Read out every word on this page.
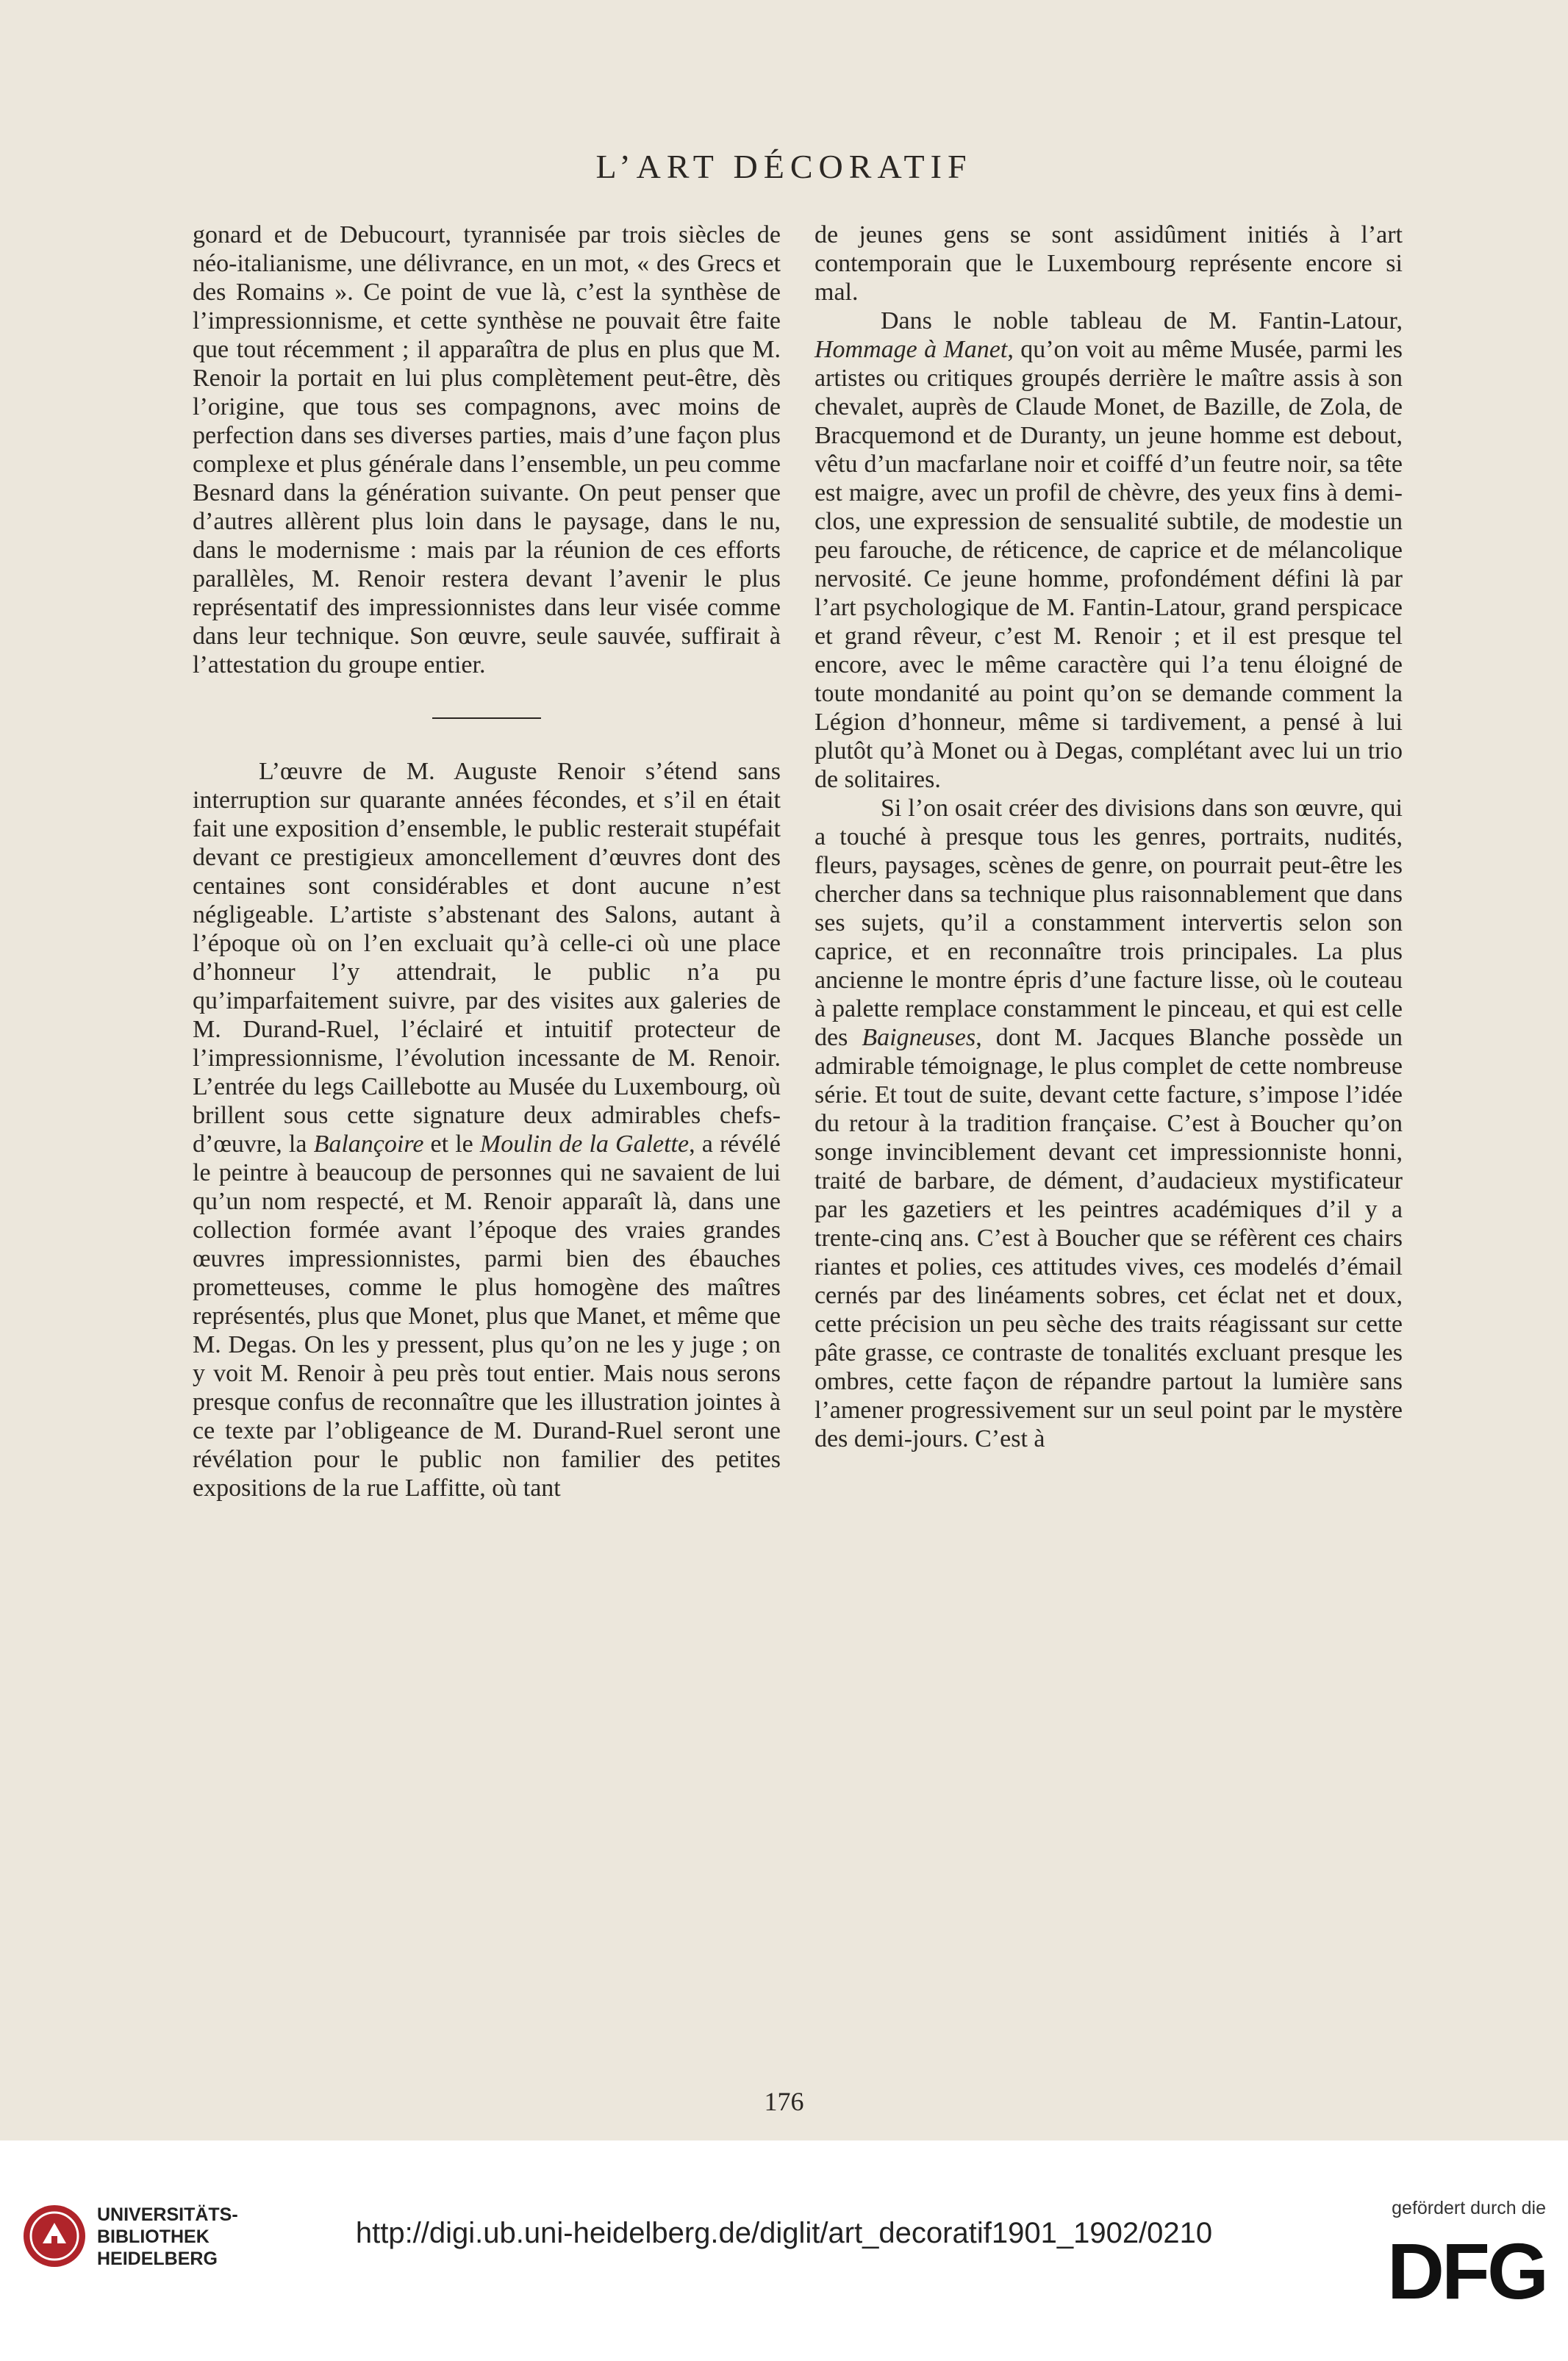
L’ART DÉCORATIF

gonard et de Debucourt, tyrannisée par trois siècles de néo-italianisme, une délivrance, en un mot, « des Grecs et des Romains ». Ce point de vue là, c’est la synthèse de l’impressionnisme, et cette synthèse ne pouvait être faite que tout récemment ; il apparaîtra de plus en plus que M. Renoir la portait en lui plus complètement peut-être, dès l’origine, que tous ses compagnons, avec moins de perfection dans ses diverses parties, mais d’une façon plus complexe et plus générale dans l’ensemble, un peu comme Besnard dans la génération suivante. On peut penser que d’autres allèrent plus loin dans le paysage, dans le nu, dans le modernisme : mais par la réunion de ces efforts parallèles, M. Renoir restera devant l’avenir le plus représentatif des impressionnistes dans leur visée comme dans leur technique. Son œuvre, seule sauvée, suffirait à l’attestation du groupe entier.

L’œuvre de M. Auguste Renoir s’étend sans interruption sur quarante années fécondes, et s’il en était fait une exposition d’ensemble, le public resterait stupéfait devant ce prestigieux amoncellement d’œuvres dont des centaines sont considérables et dont aucune n’est négligeable. L’artiste s’abstenant des Salons, autant à l’époque où on l’en excluait qu’à celle-ci où une place d’honneur l’y attendrait, le public n’a pu qu’imparfaitement suivre, par des visites aux galeries de M. Durand-Ruel, l’éclairé et intuitif protecteur de l’impressionnisme, l’évolution incessante de M. Renoir. L’entrée du legs Caillebotte au Musée du Luxembourg, où brillent sous cette signature deux admirables chefs-d’œuvre, la Balançoire et le Moulin de la Galette, a révélé le peintre à beaucoup de personnes qui ne savaient de lui qu’un nom respecté, et M. Renoir apparaît là, dans une collection formée avant l’époque des vraies grandes œuvres impressionnistes, parmi bien des ébauches prometteuses, comme le plus homogène des maîtres représentés, plus que Monet, plus que Manet, et même que M. Degas. On les y pressent, plus qu’on ne les y juge ; on y voit M. Renoir à peu près tout entier. Mais nous serons presque confus de reconnaître que les illustration jointes à ce texte par l’obligeance de M. Durand-Ruel seront une révélation pour le public non familier des petites expositions de la rue Laffitte, où tant

de jeunes gens se sont assidûment initiés à l’art contemporain que le Luxembourg représente encore si mal.

Dans le noble tableau de M. Fantin-Latour, Hommage à Manet, qu’on voit au même Musée, parmi les artistes ou critiques groupés derrière le maître assis à son chevalet, auprès de Claude Monet, de Bazille, de Zola, de Bracquemond et de Duranty, un jeune homme est debout, vêtu d’un macfarlane noir et coiffé d’un feutre noir, sa tête est maigre, avec un profil de chèvre, des yeux fins à demi-clos, une expression de sensualité subtile, de modestie un peu farouche, de réticence, de caprice et de mélancolique nervosité. Ce jeune homme, profondément défini là par l’art psychologique de M. Fantin-Latour, grand perspicace et grand rêveur, c’est M. Renoir ; et il est presque tel encore, avec le même caractère qui l’a tenu éloigné de toute mondanité au point qu’on se demande comment la Légion d’honneur, même si tardivement, a pensé à lui plutôt qu’à Monet ou à Degas, complétant avec lui un trio de solitaires.

Si l’on osait créer des divisions dans son œuvre, qui a touché à presque tous les genres, portraits, nudités, fleurs, paysages, scènes de genre, on pourrait peut-être les chercher dans sa technique plus raisonnablement que dans ses sujets, qu’il a constamment intervertis selon son caprice, et en reconnaître trois principales. La plus ancienne le montre épris d’une facture lisse, où le couteau à palette remplace constamment le pinceau, et qui est celle des Baigneuses, dont M. Jacques Blanche possède un admirable témoignage, le plus complet de cette nombreuse série. Et tout de suite, devant cette facture, s’impose l’idée du retour à la tradition française. C’est à Boucher qu’on songe invinciblement devant cet impressionniste honni, traité de barbare, de dément, d’audacieux mystificateur par les gazetiers et les peintres académiques d’il y a trente-cinq ans. C’est à Boucher que se réfèrent ces chairs riantes et polies, ces attitudes vives, ces modelés d’émail cernés par des linéaments sobres, cet éclat net et doux, cette précision un peu sèche des traits réagissant sur cette pâte grasse, ce contraste de tonalités excluant presque les ombres, cette façon de répandre partout la lumière sans l’amener progressivement sur un seul point par le mystère des demi-jours. C’est à

176
UNIVERSITÄTS-
BIBLIOTHEK
HEIDELBERG
http://digi.ub.uni-heidelberg.de/diglit/art_decoratif1901_1902/0210
gefördert durch die
DFG
